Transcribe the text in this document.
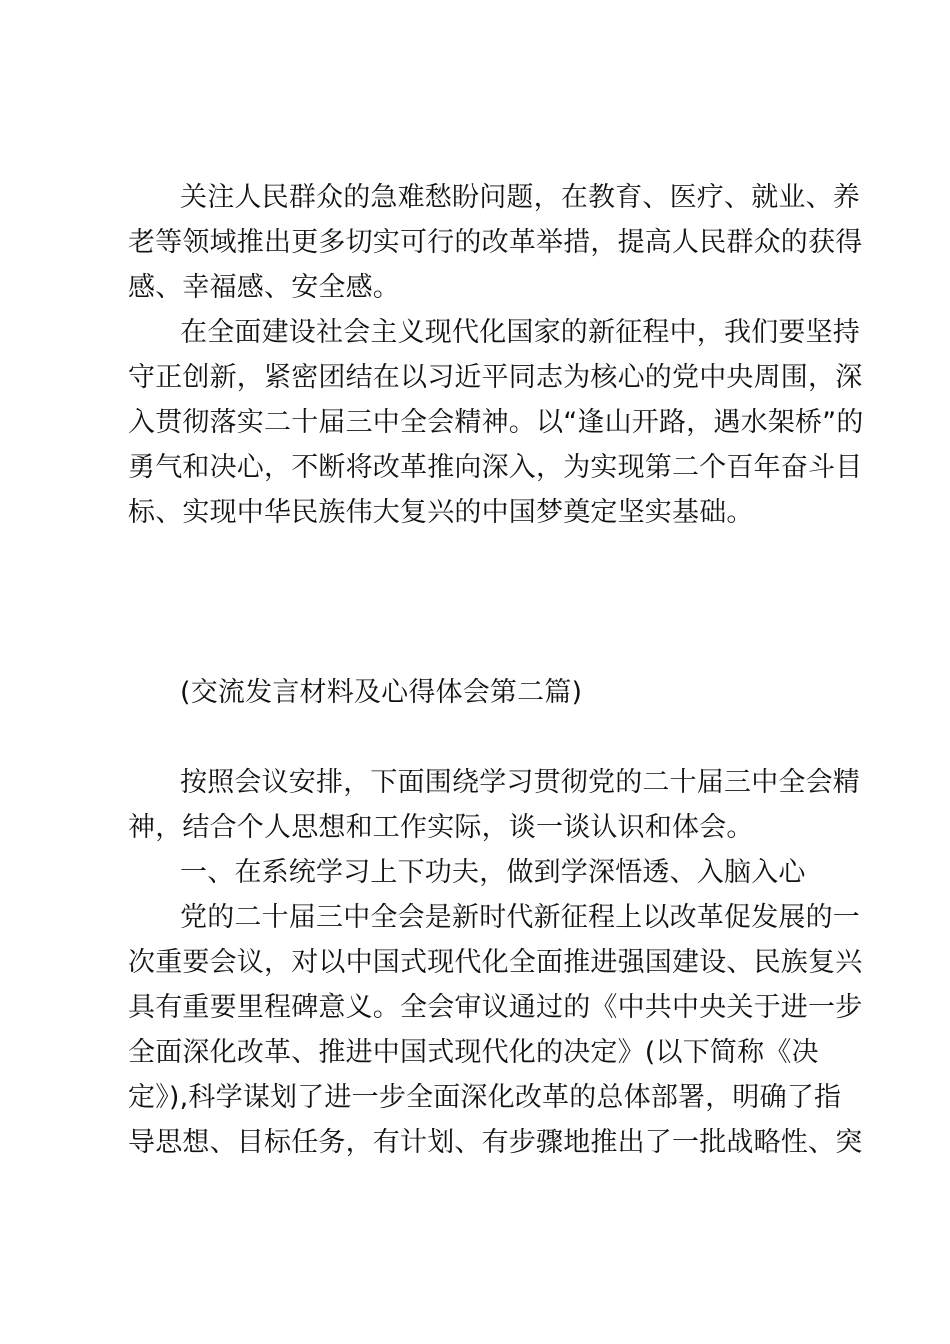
关注人民群众的急难愁盼问题，在教育、医疗、就业、养
老等领域推出更多切实可行的改革举措，提高人民群众的获得
感、幸福感、安全感。
在全面建设社会主义现代化国家的新征程中，我们要坚持
守正创新，紧密团结在以习近平同志为核心的党中央周围，深
入贯彻落实二十届三中全会精神。以“逢山开路，遇水架桥”的
勇气和决心，不断将改革推向深入，为实现第二个百年奋斗目
标、实现中华民族伟大复兴的中国梦奠定坚实基础。
(交流发言材料及心得体会第二篇)
按照会议安排，下面围绕学习贯彻党的二十届三中全会精
神，结合个人思想和工作实际，谈一谈认识和体会。
一、在系统学习上下功夫，做到学深悟透、入脑入心
党的二十届三中全会是新时代新征程上以改革促发展的一
次重要会议，对以中国式现代化全面推进强国建设、民族复兴
具有重要里程碑意义。全会审议通过的《中共中央关于进一步
全面深化改革、推进中国式现代化的决定》(以下简称《决
定》),科学谋划了进一步全面深化改革的总体部署，明确了指
导思想、目标任务，有计划、有步骤地推出了一批战略性、突
